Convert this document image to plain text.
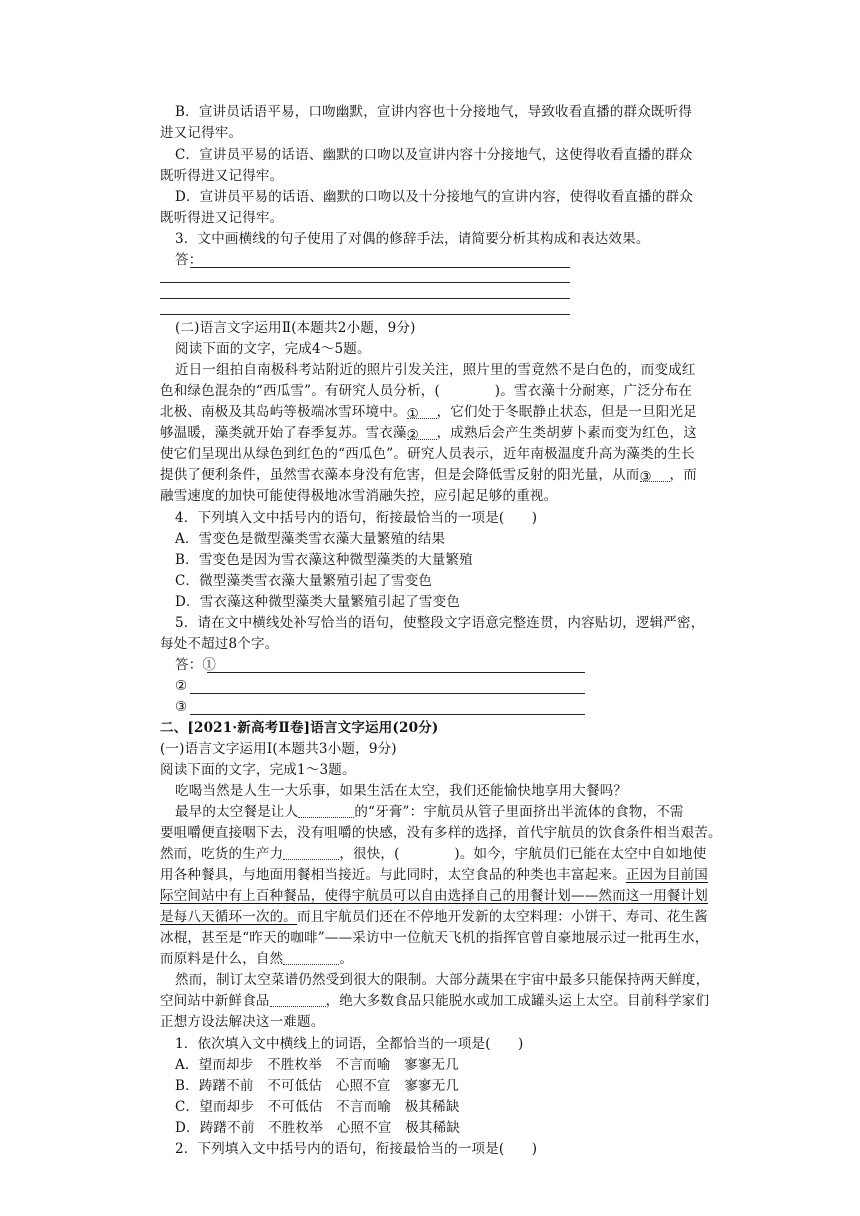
B．宣讲员话语平易，口吻幽默，宣讲内容也十分接地气，导致收看直播的群众既听得
进又记得牢。
C．宣讲员平易的话语、幽默的口吻以及宣讲内容十分接地气，这使得收看直播的群众
既听得进又记得牢。
D．宣讲员平易的话语、幽默的口吻以及十分接地气的宣讲内容，使得收看直播的群众
既听得进又记得牢。
3．文中画横线的句子使用了对偶的修辞手法，请简要分析其构成和表达效果。
答：
(二)语言文字运用Ⅱ(本题共2小题，9分)
阅读下面的文字，完成4～5题。
近日一组拍自南极科考站附近的照片引发关注，照片里的雪竟然不是白色的，而变成红
色和绿色混杂的“西瓜雪”。有研究人员分析，(　　　　)。雪衣藻十分耐寒，广泛分布在
北极、南极及其岛屿等极端冰雪环境中。① ，它们处于冬眠静止状态，但是一旦阳光足
够温暖，藻类就开始了春季复苏。雪衣藻② ，成熟后会产生类胡萝卜素而变为红色，这
使它们呈现出从绿色到红色的“西瓜色”。研究人员表示，近年南极温度升高为藻类的生长
提供了便利条件，虽然雪衣藻本身没有危害，但是会降低雪反射的阳光量，从而③ ，而
融雪速度的加快可能使得极地冰雪消融失控，应引起足够的重视。
4．下列填入文中括号内的语句，衔接最恰当的一项是(　　)
A．雪变色是微型藻类雪衣藻大量繁殖的结果
B．雪变色是因为雪衣藻这种微型藻类的大量繁殖
C．微型藻类雪衣藻大量繁殖引起了雪变色
D．雪衣藻这种微型藻类大量繁殖引起了雪变色
5．请在文中横线处补写恰当的语句，使整段文字语意完整连贯，内容贴切，逻辑严密，
每处不超过8个字。
答：①
②
③
二、[2021·新高考Ⅱ卷]语言文字运用(20分)
(一)语言文字运用Ⅰ(本题共3小题，9分)
阅读下面的文字，完成1～3题。
吃喝当然是人生一大乐事，如果生活在太空，我们还能愉快地享用大餐吗？
最早的太空餐是让人	的“牙膏”：宇航员从管子里面挤出半流体的食物，不需
要咀嚼便直接咽下去，没有咀嚼的快感，没有多样的选择，首代宇航员的饮食条件相当艰苦。
然而，吃货的生产力	，很快，(　　　　)。如今，宇航员们已能在太空中自如地使
用各种餐具，与地面用餐相当接近。与此同时，太空食品的种类也丰富起来。正因为目前国
际空间站中有上百种餐品，使得宇航员可以自由选择自己的用餐计划——然而这一用餐计划
是每八天循环一次的。而且宇航员们还在不停地开发新的太空料理：小饼干、寿司、花生酱
冰棍，甚至是“昨天的咖啡”——采访中一位航天飞机的指挥官曾自豪地展示过一批再生水，
而原料是什么，自然	。
然而，制订太空菜谱仍然受到很大的限制。大部分蔬果在宇宙中最多只能保持两天鲜度，
空间站中新鲜食品	，绝大多数食品只能脱水或加工成罐头运上太空。目前科学家们
正想方设法解决这一难题。
1．依次填入文中横线上的词语，全都恰当的一项是(　　)
A．望而却步　不胜枚举　不言而喻　寥寥无几
B．踌躇不前　不可低估　心照不宣　寥寥无几
C．望而却步　不可低估　不言而喻　极其稀缺
D．踌躇不前　不胜枚举　心照不宣　极其稀缺
2．下列填入文中括号内的语句，衔接最恰当的一项是(　　)
